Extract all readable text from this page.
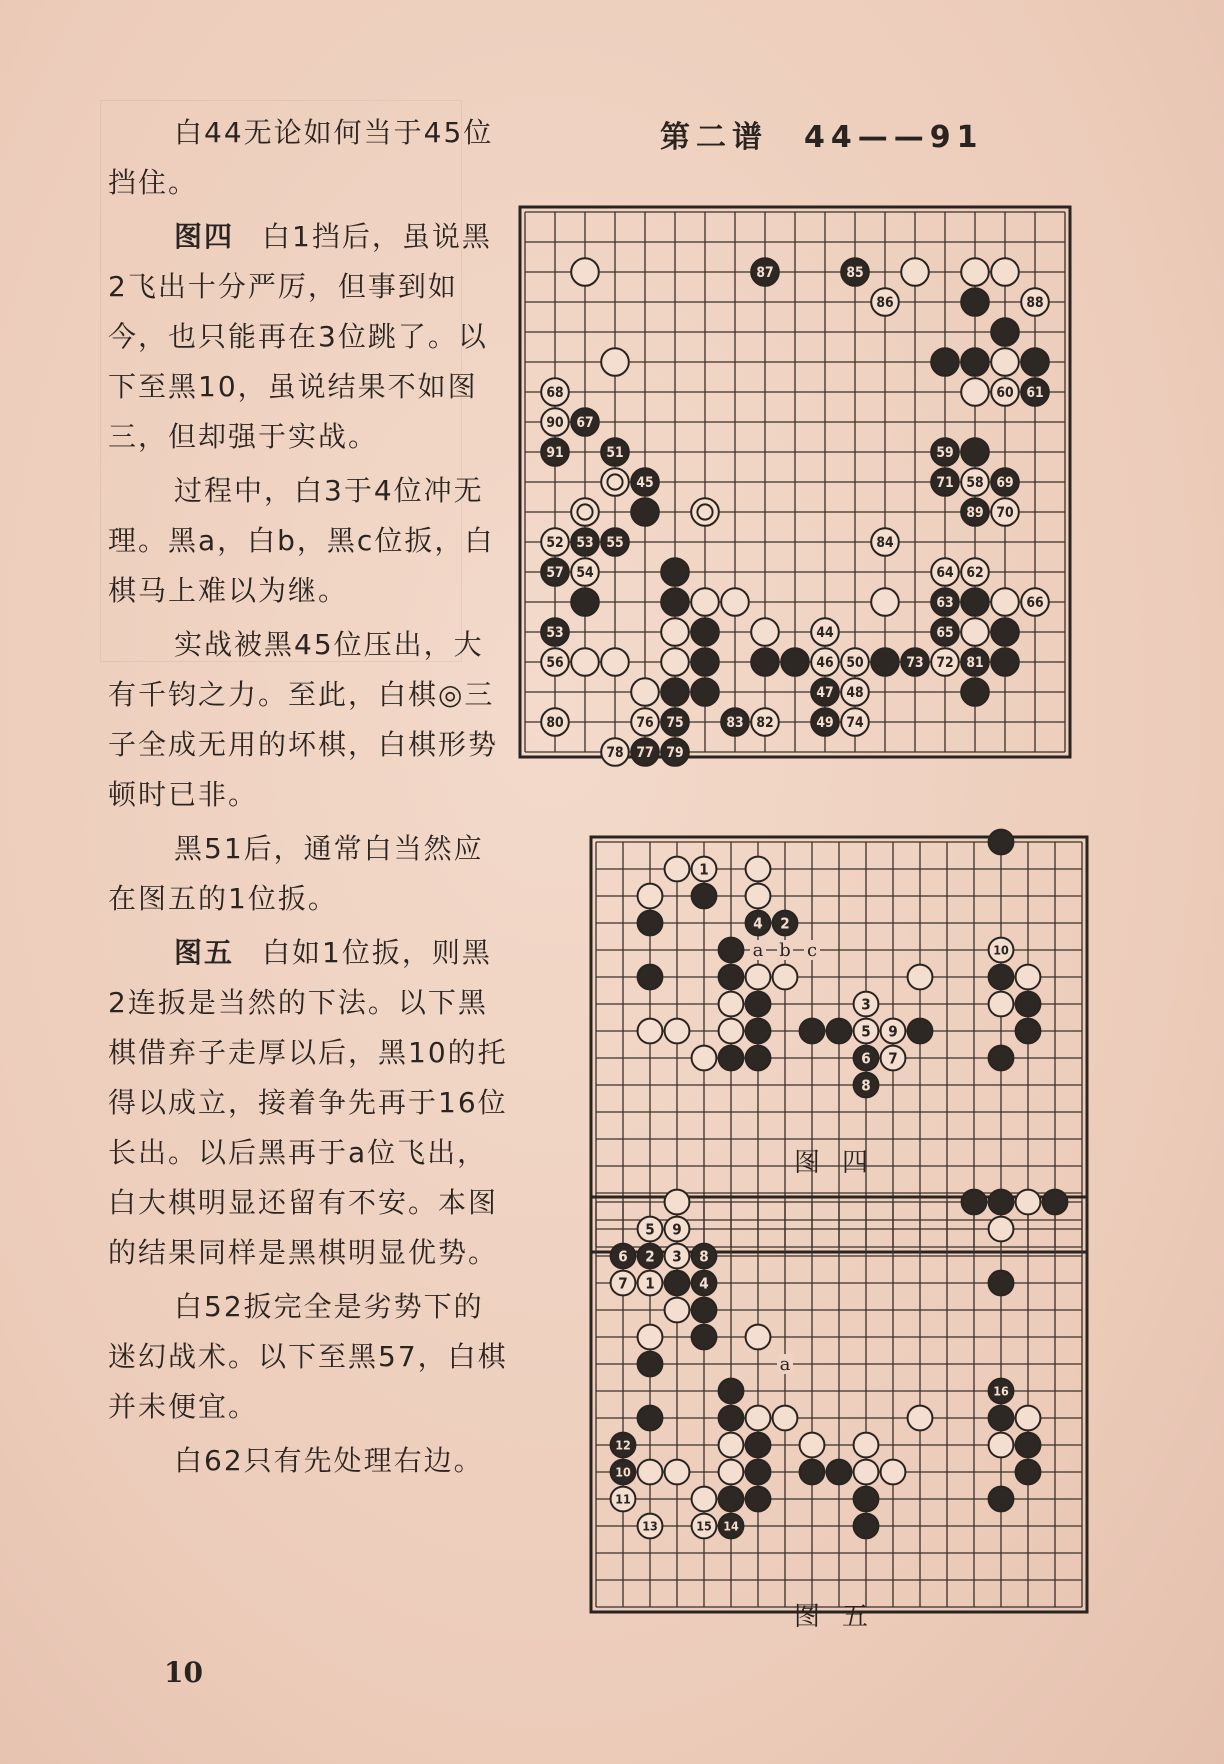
白44无论如何当于45位挡住。

图四 白1挡后，虽说黑2飞出十分严厉，但事到如今，也只能再在3位跳了。以下至黑10，虽说结果不如图三，但却强于实战。

过程中，白3于4位冲无理。黑a，白b，黑c位扳，白棋马上难以为继。

实战被黑45位压出，大有千钧之力。至此，白棋◎三子全成无用的坏棋，白棋形势顿时已非。

黑51后，通常白当然应在图五的1位扳。

图五 白如1位扳，则黑2连扳是当然的下法。以下黑棋借弃子走厚以后，黑10的托得以成立，接着争先再于16位长出。以后黑再于a位飞出，白大棋明显还留有不安。本图的结果同样是黑棋明显优势。

白52扳完全是劣势下的迷幻战术。以下至黑57，白棋并未便宜。

白62只有先处理右边。

第二谱　44——91
87	85
86	88
68	60 61
90 67
91	51	59
45	71 58 69
89 70
52 53 55	84
57 54	64 62
63	66
53	44	65
56	46 50	73 72 81
47 48
80	76 75	83 82	49 74
78 77 79
a b c
1
4 2
10
3
5 9
6 7
8
图四
a
5 9
6 2 3 8
7 1	4
16
12
10
11
13	15 14
图五
10
